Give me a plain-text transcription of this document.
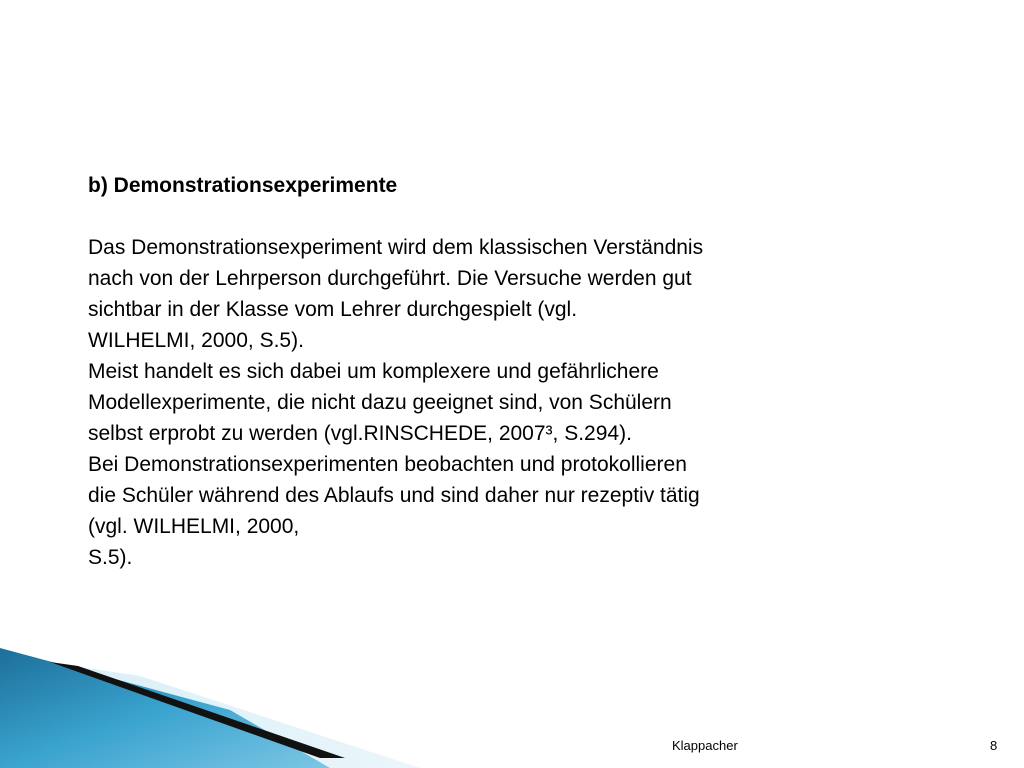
b) Demonstrationsexperimente

Das Demonstrationsexperiment wird dem klassischen Verständnis
nach von der Lehrperson durchgeführt. Die Versuche werden gut
sichtbar in der Klasse vom Lehrer durchgespielt (vgl.
WILHELMI, 2000, S.5).
Meist handelt es sich dabei um komplexere und gefährlichere
Modellexperimente, die nicht dazu geeignet sind, von Schülern
selbst erprobt zu werden (vgl.RINSCHEDE, 2007³, S.294).
Bei Demonstrationsexperimenten beobachten und protokollieren
die Schüler während des Ablaufs und sind daher nur rezeptiv tätig
(vgl. WILHELMI, 2000,
S.5).
Klappacher	8
